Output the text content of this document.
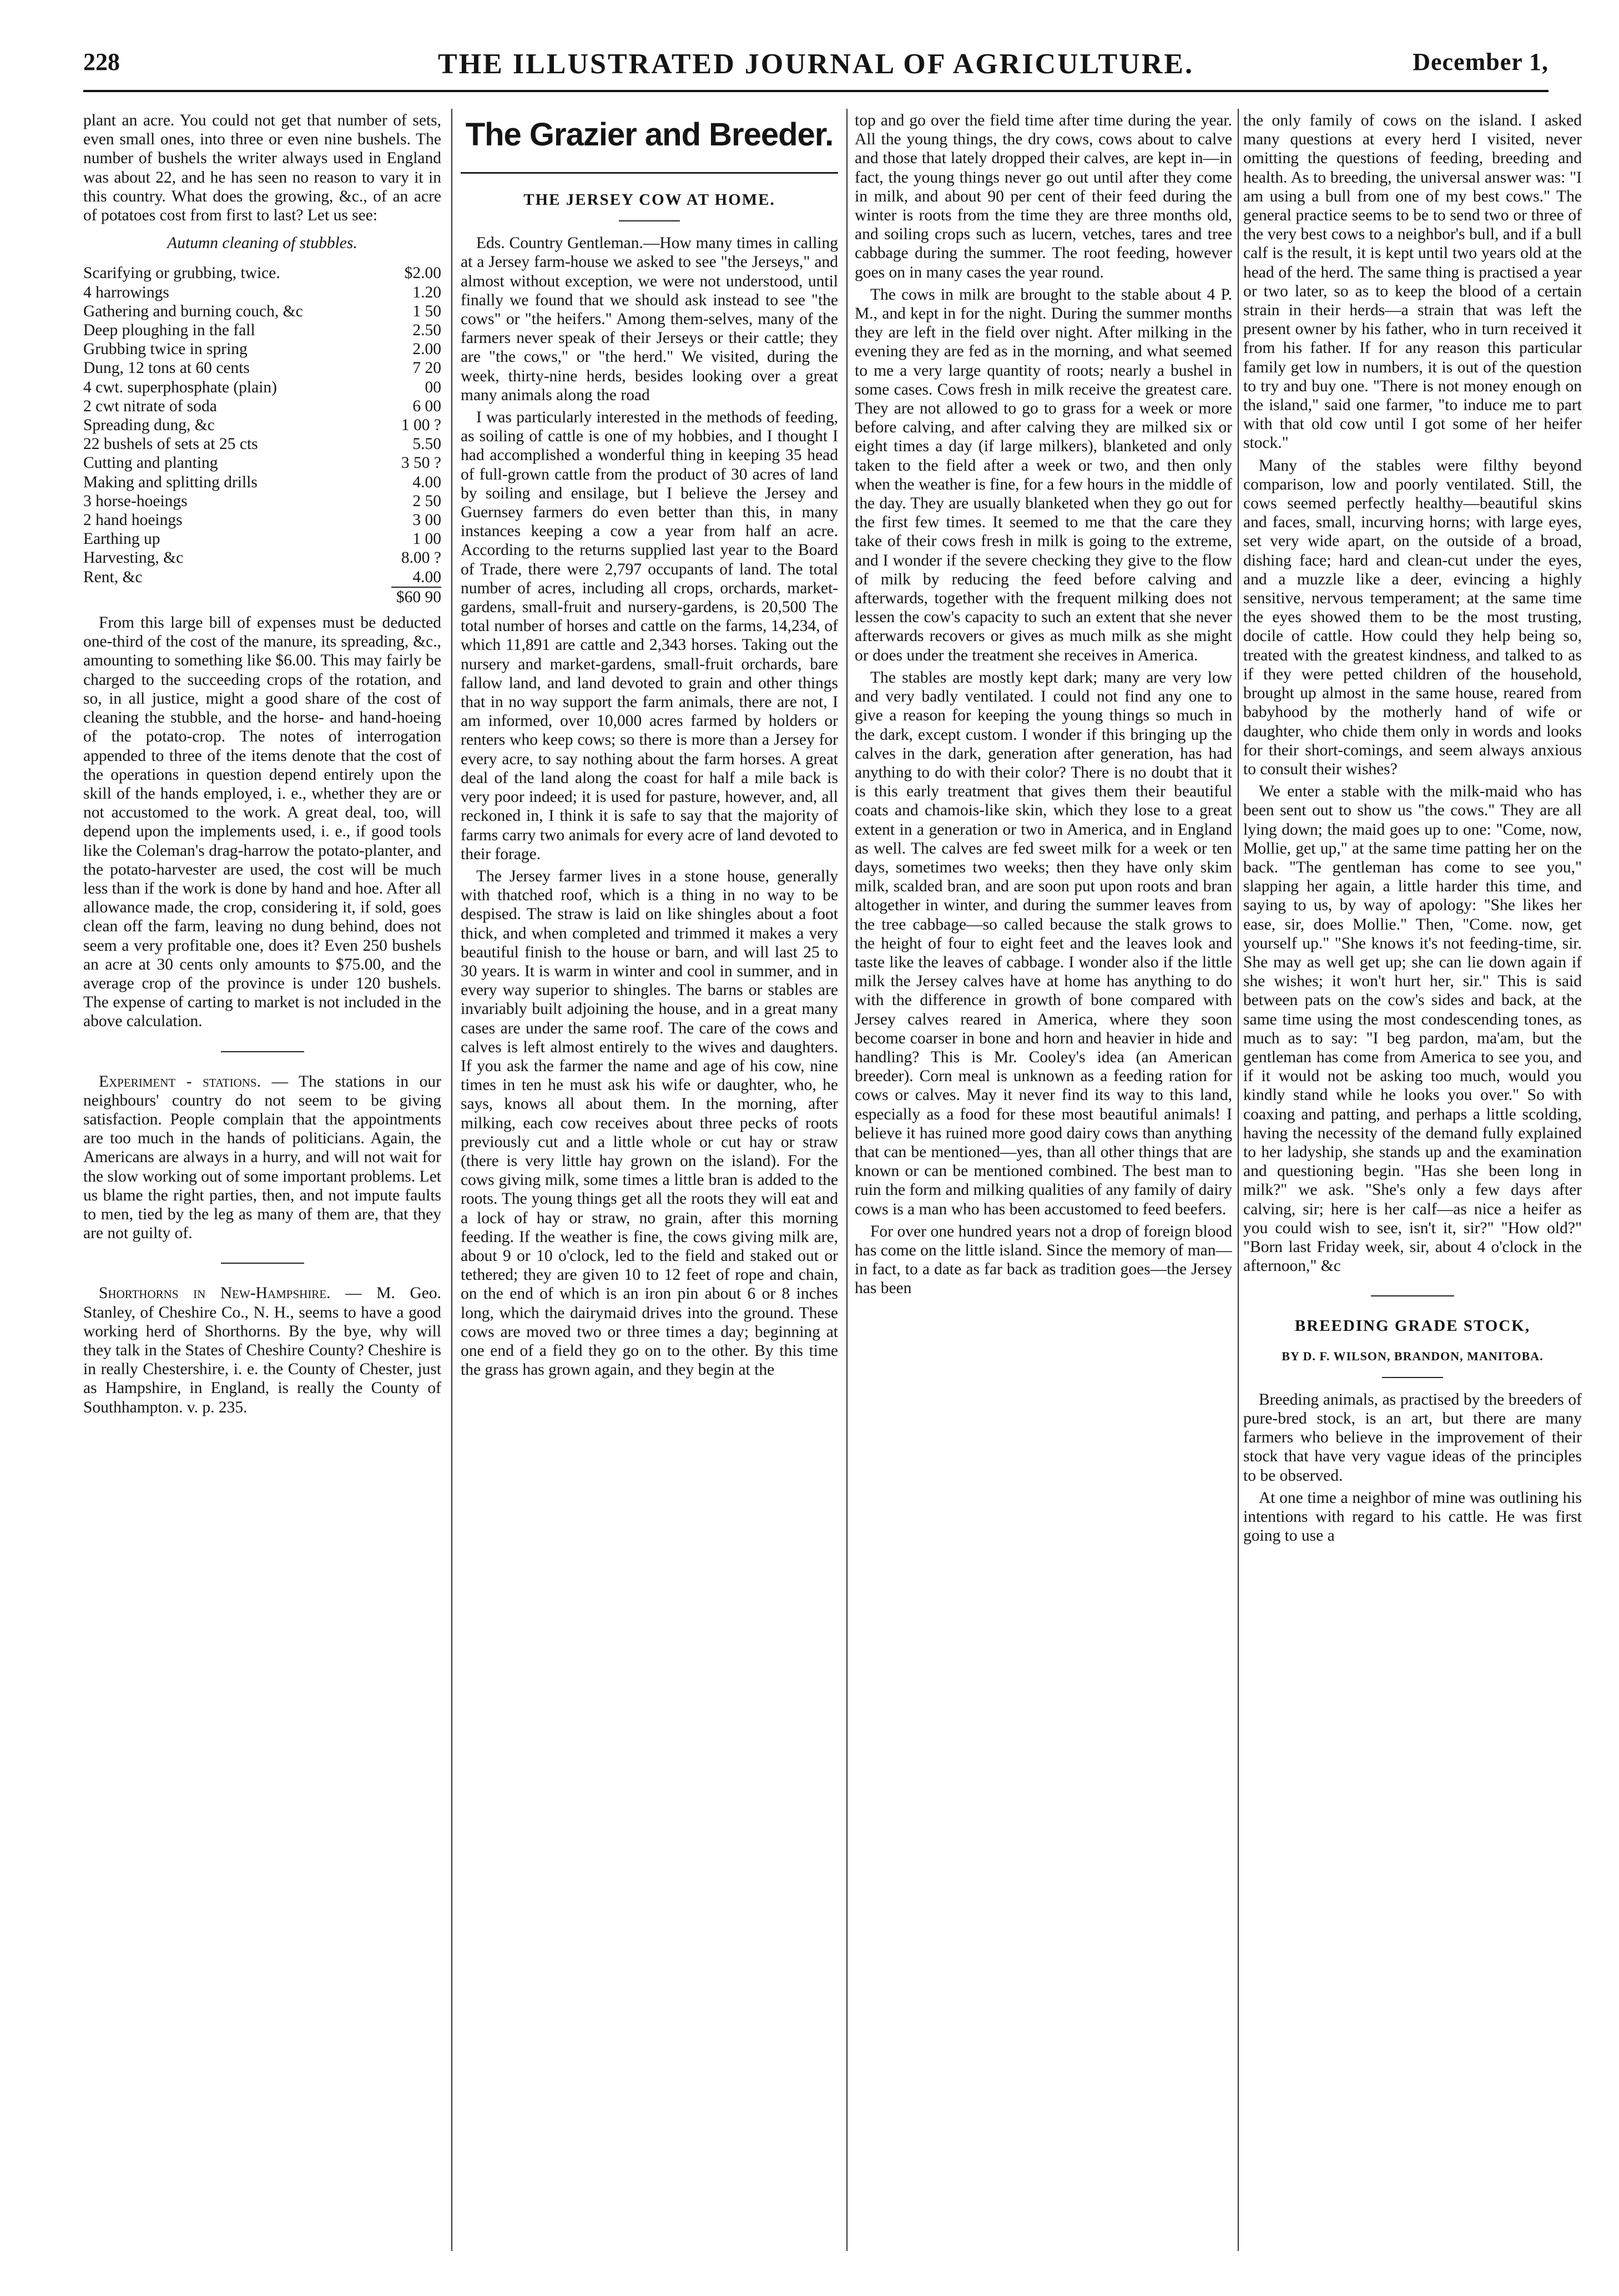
228	THE ILLUSTRATED JOURNAL OF AGRICULTURE.	December 1,

plant an acre. You could not get that number of sets, even small ones, into three or even nine bushels. The number of bushels the writer always used in England was about 22, and he has seen no reason to vary it in this country. What does the growing, &c., of an acre of potatoes cost from first to last? Let us see:

Autumn cleaning of stubbles.

Scarifying or grubbing, twice.	$2.00
4 harrowings	1.20
Gathering and burning couch, &c	1 50
Deep ploughing in the fall	2.50
Grubbing twice in spring	2.00
Dung, 12 tons at 60 cents	7 20
4 cwt. superphosphate (plain)	00
2 cwt nitrate of soda	6 00
Spreading dung, &c	1 00 ?
22 bushels of sets at 25 cts	5.50
Cutting and planting	3 50 ?
Making and splitting drills	4.00
3 horse-hoeings	2 50
2 hand hoeings	3 00
Earthing up	1 00
Harvesting, &c	8.00 ?
Rent, &c	4.00
	$60 90

From this large bill of expenses must be deducted one-third of the cost of the manure, its spreading, &c., amounting to something like $6.00. This may fairly be charged to the succeeding crops of the rotation, and so, in all justice, might a good share of the cost of cleaning the stubble, and the horse- and hand-hoeing of the potato-crop. The notes of interrogation appended to three of the items denote that the cost of the operations in question depend entirely upon the skill of the hands employed, i. e., whether they are or not accustomed to the work. A great deal, too, will depend upon the implements used, i. e., if good tools like the Coleman's drag-harrow the potato-planter, and the potato-harvester are used, the cost will be much less than if the work is done by hand and hoe. After all allowance made, the crop, considering it, if sold, goes clean off the farm, leaving no dung behind, does not seem a very profitable one, does it? Even 250 bushels an acre at 30 cents only amounts to $75.00, and the average crop of the province is under 120 bushels. The expense of carting to market is not included in the above calculation.

Experiment - stations. — The stations in our neighbours' country do not seem to be giving satisfaction. People complain that the appointments are too much in the hands of politicians. Again, the Americans are always in a hurry, and will not wait for the slow working out of some important problems. Let us blame the right parties, then, and not impute faults to men, tied by the leg as many of them are, that they are not guilty of.

Shorthorns in New-Hampshire. — M. Geo. Stanley, of Cheshire Co., N. H., seems to have a good working herd of Shorthorns. By the bye, why will they talk in the States of Cheshire County? Cheshire is in really Chestershire, i. e. the County of Chester, just as Hampshire, in England, is really the County of Southhampton. v. p. 235.

The Grazier and Breeder.
THE JERSEY COW AT HOME.

Eds. Country Gentleman.—How many times in calling at a Jersey farm-house we asked to see "the Jerseys," and almost without exception, we were not understood, until finally we found that we should ask instead to see "the cows" or "the heifers." Among them-selves, many of the farmers never speak of their Jerseys or their cattle; they are "the cows," or "the herd." We visited, during the week, thirty-nine herds, besides looking over a great many animals along the road

I was particularly interested in the methods of feeding, as soiling of cattle is one of my hobbies, and I thought I had accomplished a wonderful thing in keeping 35 head of full-grown cattle from the product of 30 acres of land by soiling and ensilage, but I believe the Jersey and Guernsey farmers do even better than this, in many instances keeping a cow a year from half an acre. According to the returns supplied last year to the Board of Trade, there were 2,797 occupants of land. The total number of acres, including all crops, orchards, market-gardens, small-fruit and nursery-gardens, is 20,500 The total number of horses and cattle on the farms, 14,234, of which 11,891 are cattle and 2,343 horses. Taking out the nursery and market-gardens, small-fruit orchards, bare fallow land, and land devoted to grain and other things that in no way support the farm animals, there are not, I am informed, over 10,000 acres farmed by holders or renters who keep cows; so there is more than a Jersey for every acre, to say nothing about the farm horses. A great deal of the land along the coast for half a mile back is very poor indeed; it is used for pasture, however, and, all reckoned in, I think it is safe to say that the majority of farms carry two animals for every acre of land devoted to their forage.

The Jersey farmer lives in a stone house, generally with thatched roof, which is a thing in no way to be despised. The straw is laid on like shingles about a foot thick, and when completed and trimmed it makes a very beautiful finish to the house or barn, and will last 25 to 30 years. It is warm in winter and cool in summer, and in every way superior to shingles. The barns or stables are invariably built adjoining the house, and in a great many cases are under the same roof. The care of the cows and calves is left almost entirely to the wives and daughters. If you ask the farmer the name and age of his cow, nine times in ten he must ask his wife or daughter, who, he says, knows all about them. In the morning, after milking, each cow receives about three pecks of roots previously cut and a little whole or cut hay or straw (there is very little hay grown on the island). For the cows giving milk, some times a little bran is added to the roots. The young things get all the roots they will eat and a lock of hay or straw, no grain, after this morning feeding. If the weather is fine, the cows giving milk are, about 9 or 10 o'clock, led to the field and staked out or tethered; they are given 10 to 12 feet of rope and chain, on the end of which is an iron pin about 6 or 8 inches long, which the dairymaid drives into the ground. These cows are moved two or three times a day; beginning at one end of a field they go on to the other. By this time the grass has grown again, and they begin at the

top and go over the field time after time during the year. All the young things, the dry cows, cows about to calve and those that lately dropped their calves, are kept in—in fact, the young things never go out until after they come in milk, and about 90 per cent of their feed during the winter is roots from the time they are three months old, and soiling crops such as lucern, vetches, tares and tree cabbage during the summer. The root feeding, however goes on in many cases the year round.

The cows in milk are brought to the stable about 4 P. M., and kept in for the night. During the summer months they are left in the field over night. After milking in the evening they are fed as in the morning, and what seemed to me a very large quantity of roots; nearly a bushel in some cases. Cows fresh in milk receive the greatest care. They are not allowed to go to grass for a week or more before calving, and after calving they are milked six or eight times a day (if large milkers), blanketed and only taken to the field after a week or two, and then only when the weather is fine, for a few hours in the middle of the day. They are usually blanketed when they go out for the first few times. It seemed to me that the care they take of their cows fresh in milk is going to the extreme, and I wonder if the severe checking they give to the flow of milk by reducing the feed before calving and afterwards, together with the frequent milking does not lessen the cow's capacity to such an extent that she never afterwards recovers or gives as much milk as she might or does under the treatment she receives in America.

The stables are mostly kept dark; many are very low and very badly ventilated. I could not find any one to give a reason for keeping the young things so much in the dark, except custom. I wonder if this bringing up the calves in the dark, generation after generation, has had anything to do with their color? There is no doubt that it is this early treatment that gives them their beautiful coats and chamois-like skin, which they lose to a great extent in a generation or two in America, and in England as well. The calves are fed sweet milk for a week or ten days, sometimes two weeks; then they have only skim milk, scalded bran, and are soon put upon roots and bran altogether in winter, and during the summer leaves from the tree cabbage—so called because the stalk grows to the height of four to eight feet and the leaves look and taste like the leaves of cabbage. I wonder also if the little milk the Jersey calves have at home has anything to do with the difference in growth of bone compared with Jersey calves reared in America, where they soon become coarser in bone and horn and heavier in hide and handling? This is Mr. Cooley's idea (an American breeder). Corn meal is unknown as a feeding ration for cows or calves. May it never find its way to this land, especially as a food for these most beautiful animals! I believe it has ruined more good dairy cows than anything that can be mentioned—yes, than all other things that are known or can be mentioned combined. The best man to ruin the form and milking qualities of any family of dairy cows is a man who has been accustomed to feed beefers.

For over one hundred years not a drop of foreign blood has come on the little island. Since the memory of man—in fact, to a date as far back as tradition goes—the Jersey has been

the only family of cows on the island. I asked many questions at every herd I visited, never omitting the questions of feeding, breeding and health. As to breeding, the universal answer was: "I am using a bull from one of my best cows." The general practice seems to be to send two or three of the very best cows to a neighbor's bull, and if a bull calf is the result, it is kept until two years old at the head of the herd. The same thing is practised a year or two later, so as to keep the blood of a certain strain in their herds—a strain that was left the present owner by his father, who in turn received it from his father. If for any reason this particular family get low in numbers, it is out of the question to try and buy one. "There is not money enough on the island," said one farmer, "to induce me to part with that old cow until I got some of her heifer stock."

Many of the stables were filthy beyond comparison, low and poorly ventilated. Still, the cows seemed perfectly healthy—beautiful skins and faces, small, incurving horns; with large eyes, set very wide apart, on the outside of a broad, dishing face; hard and clean-cut under the eyes, and a muzzle like a deer, evincing a highly sensitive, nervous temperament; at the same time the eyes showed them to be the most trusting, docile of cattle. How could they help being so, treated with the greatest kindness, and talked to as if they were petted children of the household, brought up almost in the same house, reared from babyhood by the motherly hand of wife or daughter, who chide them only in words and looks for their short-comings, and seem always anxious to consult their wishes?

We enter a stable with the milk-maid who has been sent out to show us "the cows." They are all lying down; the maid goes up to one: "Come, now, Mollie, get up," at the same time patting her on the back. "The gentleman has come to see you," slapping her again, a little harder this time, and saying to us, by way of apology: "She likes her ease, sir, does Mollie." Then, "Come. now, get yourself up." "She knows it's not feeding-time, sir. She may as well get up; she can lie down again if she wishes; it won't hurt her, sir." This is said between pats on the cow's sides and back, at the same time using the most condescending tones, as much as to say: "I beg pardon, ma'am, but the gentleman has come from America to see you, and if it would not be asking too much, would you kindly stand while he looks you over." So with coaxing and patting, and perhaps a little scolding, having the necessity of the demand fully explained to her ladyship, she stands up and the examination and questioning begin. "Has she been long in milk?" we ask. "She's only a few days after calving, sir; here is her calf—as nice a heifer as you could wish to see, isn't it, sir?" "How old?" "Born last Friday week, sir, about 4 o'clock in the afternoon," &c

BREEDING GRADE STOCK,
BY D. F. WILSON, BRANDON, MANITOBA.

Breeding animals, as practised by the breeders of pure-bred stock, is an art, but there are many farmers who believe in the improvement of their stock that have very vague ideas of the principles to be observed.

At one time a neighbor of mine was outlining his intentions with regard to his cattle. He was first going to use a
